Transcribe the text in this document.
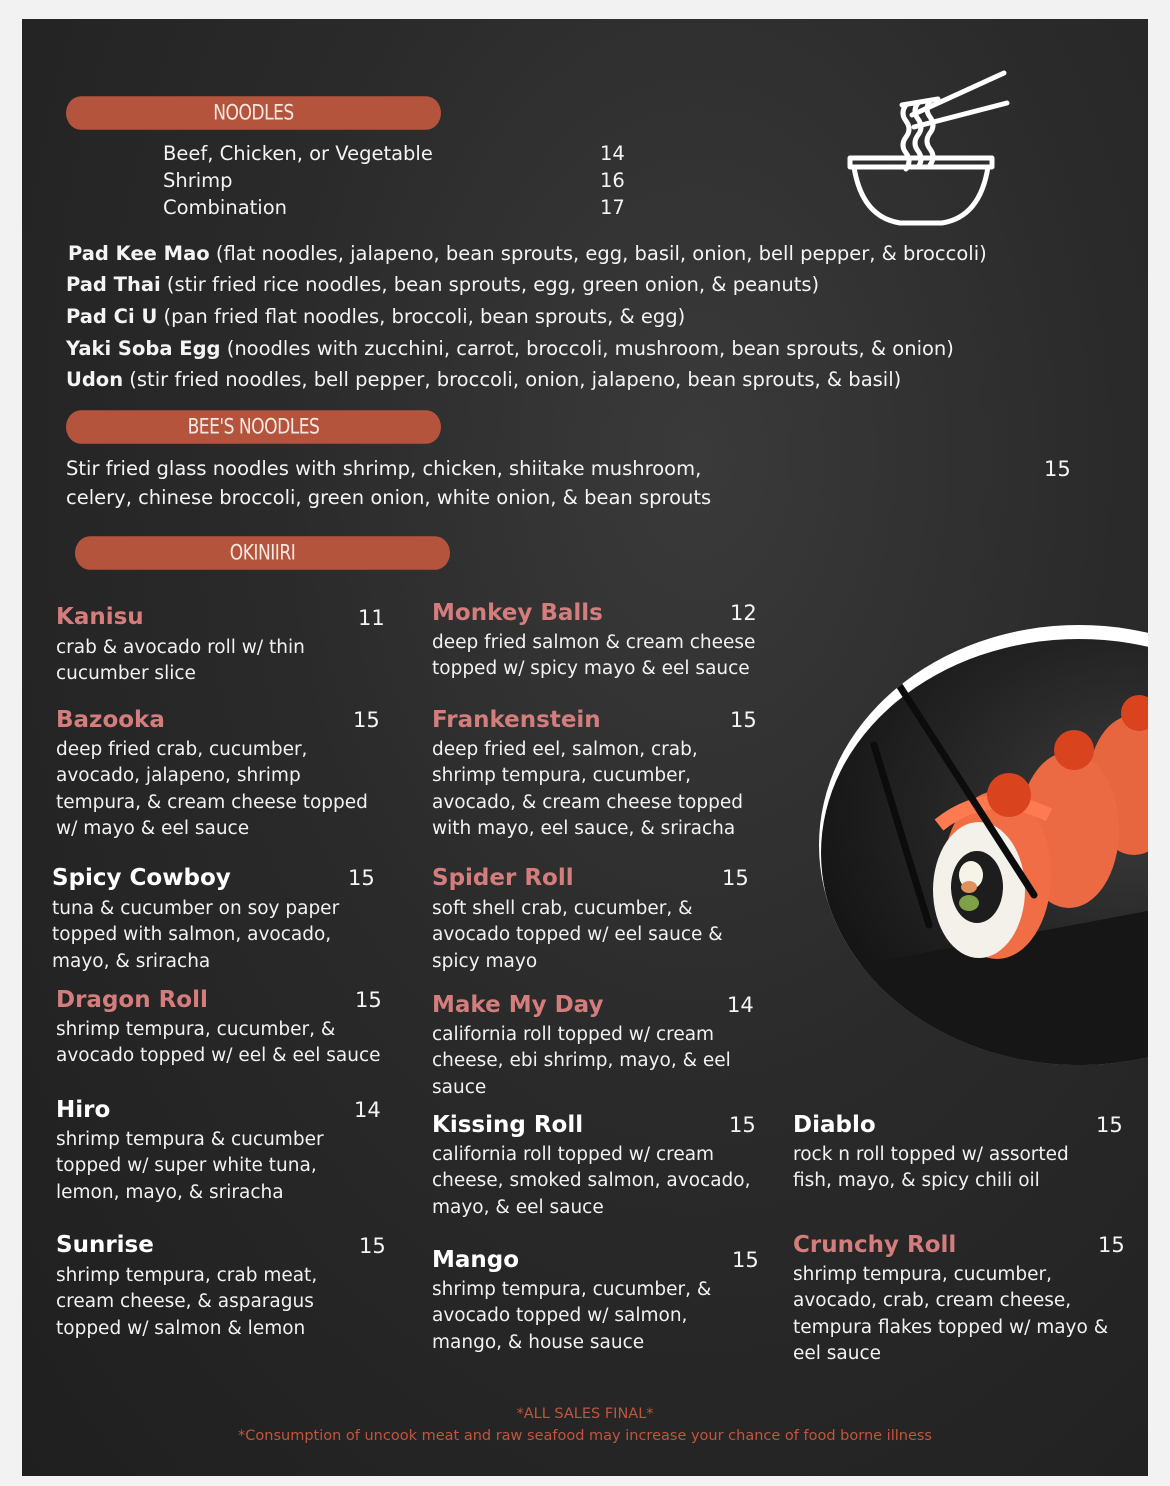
NOODLES
Beef, Chicken, or Vegetable	14
Shrimp	16
Combination	17
Pad Kee Mao (flat noodles, jalapeno, bean sprouts, egg, basil, onion, bell pepper, & broccoli)
Pad Thai (stir fried rice noodles, bean sprouts, egg, green onion, & peanuts)
Pad Ci U (pan fried flat noodles, broccoli, bean sprouts, & egg)
Yaki Soba Egg (noodles with zucchini, carrot, broccoli, mushroom, bean sprouts, & onion)
Udon (stir fried noodles, bell pepper, broccoli, onion, jalapeno, bean sprouts, & basil)
BEE'S NOODLES
Stir fried glass noodles with shrimp, chicken, shiitake mushroom,
celery, chinese broccoli, green onion, white onion, & bean sprouts
15
OKINIIRI
Kanisu	11
crab & avocado roll w/ thin cucumber slice
Bazooka	15
deep fried crab, cucumber, avocado, jalapeno, shrimp tempura, & cream cheese topped w/ mayo & eel sauce
Spicy Cowboy	15
tuna & cucumber on soy paper topped with salmon, avocado, mayo, & sriracha
Dragon Roll	15
shrimp tempura, cucumber, & avocado topped w/ eel & eel sauce
Hiro	14
shrimp tempura & cucumber topped w/ super white tuna, lemon, mayo, & sriracha
Sunrise	15
shrimp tempura, crab meat, cream cheese, & asparagus topped w/ salmon & lemon
Monkey Balls	12
deep fried salmon & cream cheese topped w/ spicy mayo & eel sauce
Frankenstein	15
deep fried eel, salmon, crab, shrimp tempura, cucumber, avocado, & cream cheese topped with mayo, eel sauce, & sriracha
Spider Roll	15
soft shell crab, cucumber, & avocado topped w/ eel sauce & spicy mayo
Make My Day	14
california roll topped w/ cream cheese, ebi shrimp, mayo, & eel sauce
Kissing Roll	15
california roll topped w/ cream cheese, smoked salmon, avocado, mayo, & eel sauce
Mango	15
shrimp tempura, cucumber, & avocado topped w/ salmon, mango, & house sauce
Diablo	15
rock n roll topped w/ assorted  fish, mayo, & spicy chili oil
Crunchy Roll	15
shrimp tempura, cucumber, avocado, crab, cream cheese, tempura flakes topped w/ mayo & eel sauce
*ALL SALES FINAL*
*Consumption of uncook meat and raw seafood may increase your chance of food borne illness
